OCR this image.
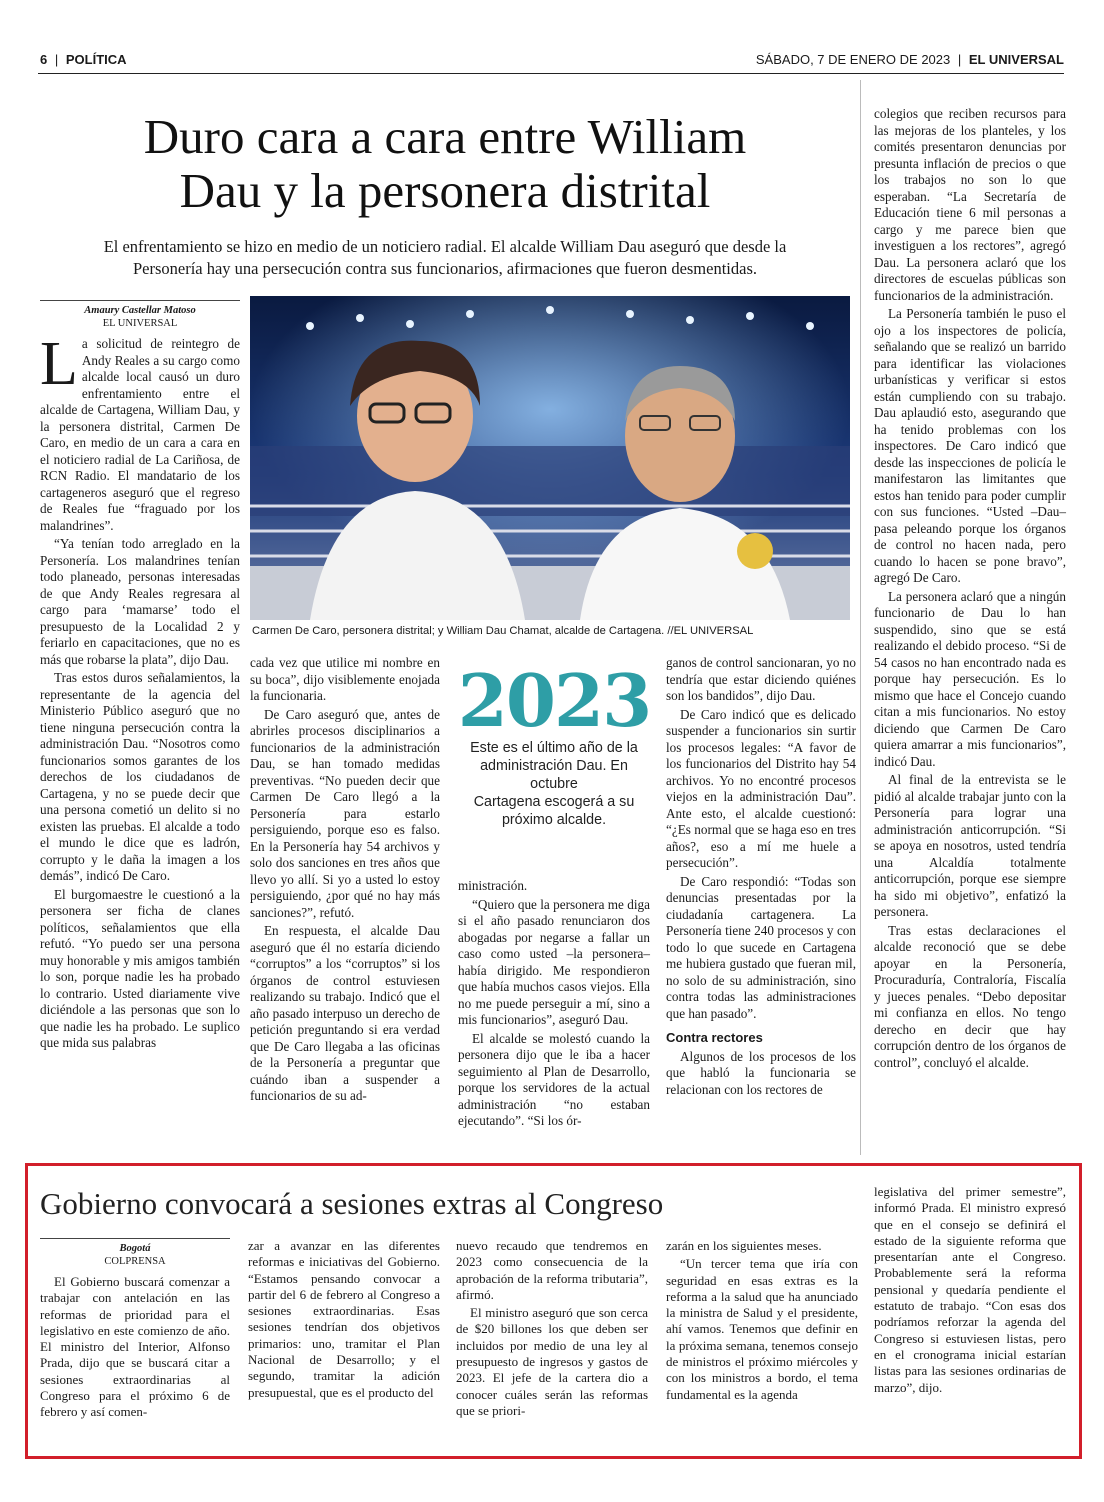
6 | POLÍTICA	SÁBADO, 7 DE ENERO DE 2023 | EL UNIVERSAL
Duro cara a cara entre William
Dau y la personera distrital
El enfrentamiento se hizo en medio de un noticiero radial. El alcalde William Dau aseguró que desde la
Personería hay una persecución contra sus funcionarios, afirmaciones que fueron desmentidas.
Amaury Castellar Matoso
EL UNIVERSAL

La solicitud de reintegro de Andy Reales a su cargo como alcalde local causó un duro enfrentamiento entre el alcalde de Cartagena, William Dau, y la personera distrital, Carmen De Caro, en medio de un cara a cara en el noticiero radial de La Cariñosa, de RCN Radio. El mandatario de los cartageneros aseguró que el regreso de Reales fue “fraguado por los malandrines”.

“Ya tenían todo arreglado en la Personería. Los malandrines tenían todo planeado, personas interesadas de que Andy Reales regresara al cargo para ‘mamarse’ todo el presupuesto de la Localidad 2 y feriarlo en capacitaciones, que no es más que robarse la plata”, dijo Dau.

Tras estos duros señalamientos, la representante de la agencia del Ministerio Público aseguró que no tiene ninguna persecución contra la administración Dau. “Nosotros como funcionarios somos garantes de los derechos de los ciudadanos de Cartagena, y no se puede decir que una persona cometió un delito si no existen las pruebas. El alcalde a todo el mundo le dice que es ladrón, corrupto y le daña la imagen a los demás”, indicó De Caro.

El burgomaestre le cuestionó a la personera ser ficha de clanes políticos, señalamientos que ella refutó. “Yo puedo ser una persona muy honorable y mis amigos también lo son, porque nadie les ha probado lo contrario. Usted diariamente vive diciéndole a las personas que son lo que nadie les ha probado. Le suplico que mida sus palabras

Carmen De Caro, personera distrital; y William Dau Chamat, alcalde de Cartagena. //EL UNIVERSAL

cada vez que utilice mi nombre en su boca”, dijo visiblemente enojada la funcionaria.

De Caro aseguró que, antes de abrirles procesos disciplinarios a funcionarios de la administración Dau, se han tomado medidas preventivas. “No pueden decir que Carmen De Caro llegó a la Personería para estarlo persiguiendo, porque eso es falso. En la Personería hay 54 archivos y solo dos sanciones en tres años que llevo yo allí. Si yo a usted lo estoy persiguiendo, ¿por qué no hay más sanciones?”, refutó.

En respuesta, el alcalde Dau aseguró que él no estaría diciendo “corruptos” a los “corruptos” si los órganos de control estuviesen realizando su trabajo. Indicó que el año pasado interpuso un derecho de petición preguntando si era verdad que De Caro llegaba a las oficinas de la Personería a preguntar que cuándo iban a suspender a funcionarios de su ad-

2023
Este es el último año de la
administración Dau. En octubre
Cartagena escogerá a su
próximo alcalde.

ministración.

“Quiero que la personera me diga si el año pasado renunciaron dos abogadas por negarse a fallar un caso como usted –la personera– había dirigido. Me respondieron que había muchos casos viejos. Ella no me puede perseguir a mí, sino a mis funcionarios”, aseguró Dau.

El alcalde se molestó cuando la personera dijo que le iba a hacer seguimiento al Plan de Desarrollo, porque los servidores de la actual administración “no estaban ejecutando”. “Si los ór-

ganos de control sancionaran, yo no tendría que estar diciendo quiénes son los bandidos”, dijo Dau.

De Caro indicó que es delicado suspender a funcionarios sin surtir los procesos legales: “A favor de los funcionarios del Distrito hay 54 archivos. Yo no encontré procesos viejos en la administración Dau”. Ante esto, el alcalde cuestionó: “¿Es normal que se haga eso en tres años?, eso a mí me huele a persecución”.

De Caro respondió: “Todas son denuncias presentadas por la ciudadanía cartagenera. La Personería tiene 240 procesos y con todo lo que sucede en Cartagena me hubiera gustado que fueran mil, no solo de su administración, sino contra todas las administraciones que han pasado”.

Contra rectores

Algunos de los procesos de los que habló la funcionaria se relacionan con los rectores de

colegios que reciben recursos para las mejoras de los planteles, y los comités presentaron denuncias por presunta inflación de precios o que los trabajos no son lo que esperaban. “La Secretaría de Educación tiene 6 mil personas a cargo y me parece bien que investiguen a los rectores”, agregó Dau. La personera aclaró que los directores de escuelas públicas son funcionarios de la administración.

La Personería también le puso el ojo a los inspectores de policía, señalando que se realizó un barrido para identificar las violaciones urbanísticas y verificar si estos están cumpliendo con su trabajo. Dau aplaudió esto, asegurando que ha tenido problemas con los inspectores. De Caro indicó que desde las inspecciones de policía le manifestaron las limitantes que estos han tenido para poder cumplir con sus funciones. “Usted –Dau– pasa peleando porque los órganos de control no hacen nada, pero cuando lo hacen se pone bravo”, agregó De Caro.

La personera aclaró que a ningún funcionario de Dau lo han suspendido, sino que se está realizando el debido proceso. “Si de 54 casos no han encontrado nada es porque hay persecución. Es lo mismo que hace el Concejo cuando citan a mis funcionarios. No estoy diciendo que Carmen De Caro quiera amarrar a mis funcionarios”, indicó Dau.

Al final de la entrevista se le pidió al alcalde trabajar junto con la Personería para lograr una administración anticorrupción. “Si se apoya en nosotros, usted tendría una Alcaldía totalmente anticorrupción, porque ese siempre ha sido mi objetivo”, enfatizó la personera.

Tras estas declaraciones el alcalde reconoció que se debe apoyar en la Personería, Procuraduría, Contraloría, Fiscalía y jueces penales. “Debo depositar mi confianza en ellos. No tengo derecho en decir que hay corrupción dentro de los órganos de control”, concluyó el alcalde.

Gobierno convocará a sesiones extras al Congreso
Bogotá
COLPRENSA

El Gobierno buscará comenzar a trabajar con antelación en las reformas de prioridad para el legislativo en este comienzo de año. El ministro del Interior, Alfonso Prada, dijo que se buscará citar a sesiones extraordinarias al Congreso para el próximo 6 de febrero y así comen-

zar a avanzar en las diferentes reformas e iniciativas del Gobierno. “Estamos pensando convocar a partir del 6 de febrero al Congreso a sesiones extraordinarias. Esas sesiones tendrían dos objetivos primarios: uno, tramitar el Plan Nacional de Desarrollo; y el segundo, tramitar la adición presupuestal, que es el producto del

nuevo recaudo que tendremos en 2023 como consecuencia de la aprobación de la reforma tributaria”, afirmó.

El ministro aseguró que son cerca de $20 billones los que deben ser incluidos por medio de una ley al presupuesto de ingresos y gastos de 2023. El jefe de la cartera dio a conocer cuáles serán las reformas que se priori-

zarán en los siguientes meses.

“Un tercer tema que iría con seguridad en esas extras es la reforma a la salud que ha anunciado la ministra de Salud y el presidente, ahí vamos. Tenemos que definir en la próxima semana, tenemos consejo de ministros el próximo miércoles y con los ministros a bordo, el tema fundamental es la agenda

legislativa del primer semestre”, informó Prada. El ministro expresó que en el consejo se definirá el estado de la siguiente reforma que presentarían ante el Congreso. Probablemente será la reforma pensional y quedaría pendiente el estatuto de trabajo. “Con esas dos podríamos reforzar la agenda del Congreso si estuviesen listas, pero en el cronograma inicial estarían listas para las sesiones ordinarias de marzo”, dijo.
